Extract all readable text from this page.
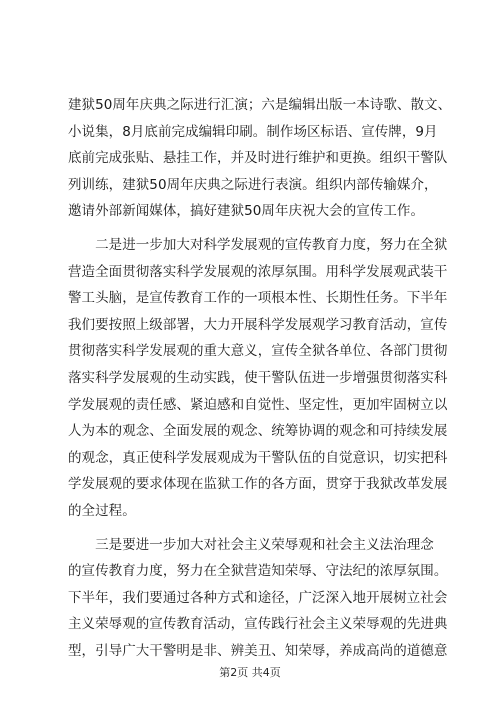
建狱50周年庆典之际进行汇演；六是编辑出版一本诗歌、散文、
小说集，8月底前完成编辑印刷。制作场区标语、宣传牌，9月
底前完成张贴、悬挂工作，并及时进行维护和更换。组织干警队
列训练，建狱50周年庆典之际进行表演。组织内部传输媒介，
邀请外部新闻媒体，搞好建狱50周年庆祝大会的宣传工作。
　　二是进一步加大对科学发展观的宣传教育力度，努力在全狱
营造全面贯彻落实科学发展观的浓厚氛围。用科学发展观武装干
警工头脑，是宣传教育工作的一项根本性、长期性任务。下半年
我们要按照上级部署，大力开展科学发展观学习教育活动，宣传
贯彻落实科学发展观的重大意义，宣传全狱各单位、各部门贯彻
落实科学发展观的生动实践，使干警队伍进一步增强贯彻落实科
学发展观的责任感、紧迫感和自觉性、坚定性，更加牢固树立以
人为本的观念、全面发展的观念、统筹协调的观念和可持续发展
的观念，真正使科学发展观成为干警队伍的自觉意识，切实把科
学发展观的要求体现在监狱工作的各方面，贯穿于我狱改革发展
的全过程。
　　三是要进一步加大对社会主义荣辱观和社会主义法治理念
的宣传教育力度，努力在全狱营造知荣辱、守法纪的浓厚氛围。
下半年，我们要通过各种方式和途径，广泛深入地开展树立社会
主义荣辱观的宣传教育活动，宣传践行社会主义荣辱观的先进典
型，引导广大干警明是非、辨美丑、知荣辱，养成高尚的道德意
第2页 共4页
